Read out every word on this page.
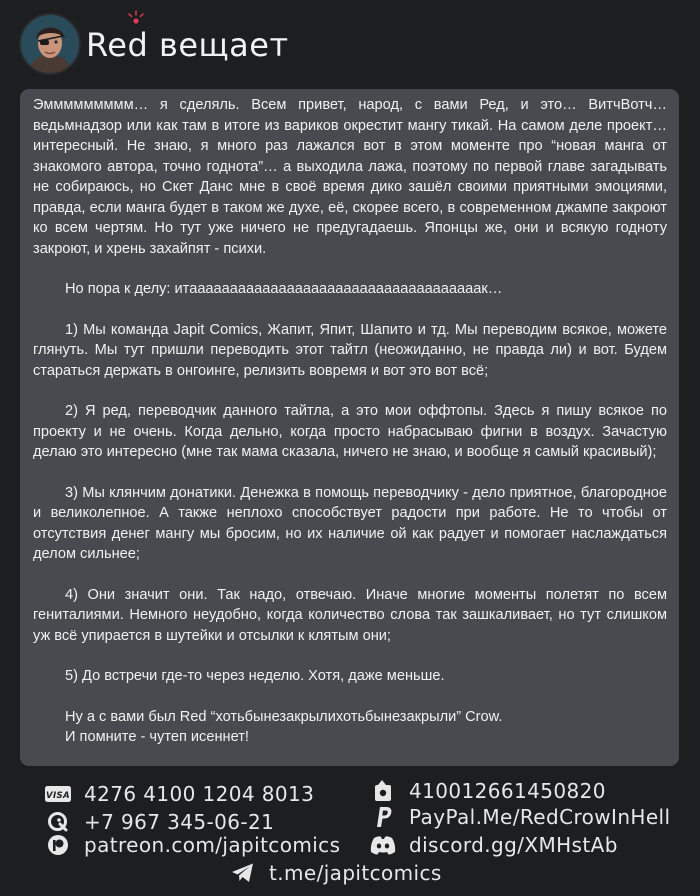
Red вещает

Эммммммммм… я сделяль. Всем привет, народ, с вами Ред, и это… ВитчВотч… ведьмнадзор или как там в итоге из вариков окрестит мангу тикай. На самом деле проект… интересный. Не знаю, я много раз лажался вот в этом моменте про “новая манга от знакомого автора, точно годнота”… а выходила лажа, поэтому по первой главе загадывать не собираюсь, но Скет Данс мне в своё время дико зашёл своими приятными эмоциями, правда, если манга будет в таком же духе, её, скорее всего, в современном джампе закроют ко всем чертям. Но тут уже ничего не предугадаешь. Японцы же, они и всякую годноту закроют, и хрень захайпят - психи.

Но пора к делу: итаааааааааааааааааааааааааааааааааааак…

1) Мы команда Japit Comics, Жапит, Япит, Шапито и тд. Мы переводим всякое, можете глянуть. Мы тут пришли переводить этот тайтл (неожиданно, не правда ли) и вот. Будем стараться держать в онгоинге, релизить вовремя и вот это вот всё;

2) Я ред, переводчик данного тайтла, а это мои оффтопы. Здесь я пишу всякое по проекту и не очень. Когда дельно, когда просто набрасываю фигни в воздух. Зачастую делаю это интересно (мне так мама сказала, ничего не знаю, и вообще я самый красивый);

3) Мы клянчим донатики. Денежка в помощь переводчику - дело приятное, благородное и великолепное. А также неплохо способствует радости при работе. Не то чтобы от отсутствия денег мангу мы бросим, но их наличие ой как радует и помогает наслаждаться делом сильнее;

4) Они значит они. Так надо, отвечаю. Иначе многие моменты полетят по всем гениталиями. Немного неудобно, когда количество слова так зашкаливает, но тут слишком уж всё упирается в шутейки и отсылки к клятым они;

5) До встречи где-то через неделю. Хотя, даже меньше.

Ну а с вами был Red “хотьбынезакрылихотьбынезакрыли” Crow.

И помните - чутеп исеннет!

VISA 4276 4100 1204 8013
+7 967 345-06-21
patreon.com/japitcomics
410012661450820
PayPal.Me/RedCrowInHell
discord.gg/XMHstAb
t.me/japitcomics
